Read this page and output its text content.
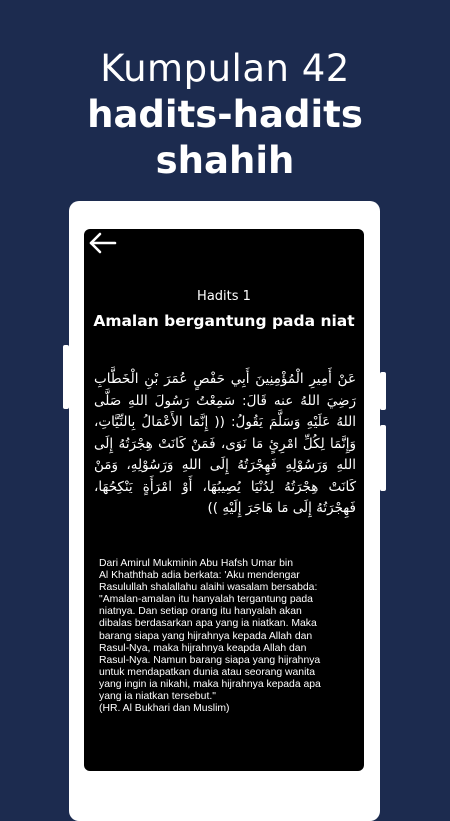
Kumpulan 42
hadits-hadits
shahih
Hadits 1
Amalan bergantung pada niat
عَنْ أَمِيرِ الْمُؤْمِنِينَ أَبِي حَفْصٍ عُمَرَ بْنِ الْخَطَّابِ رَضِيَ اللهُ عنه قَالَ: سَمِعْتُ رَسُولَ اللهِ صَلَّى اللهُ عَلَيْهِ وَسَلَّمَ يَقُولُ: (( إِنَّمَا الأَعْمَالُ بِالنِّيَّاتِ، وَإِنَّمَا لِكُلِّ امْرِئٍ مَا نَوَى، فَمَنْ كَانَتْ هِجْرَتُهُ إِلَى اللهِ وَرَسُوْلِهِ فَهِجْرَتُهُ إِلَى اللهِ وَرَسُوْلِهِ، وَمَنْ كَانَتْ هِجْرَتُهُ لِدُنْيَا يُصِيبُهَا، أَوْ امْرَأَةٍ يَنْكِحُهَا، فَهِجْرَتُهُ إِلَى مَا هَاجَرَ إِلَيْهِ ))
Dari Amirul Mukminin Abu Hafsh Umar bin
Al Khaththab adia berkata: 'Aku mendengar
Rasulullah shalallahu alaihi wasalam bersabda:
"Amalan-amalan itu hanyalah tergantung pada
niatnya. Dan setiap orang itu hanyalah akan
dibalas berdasarkan apa yang ia niatkan. Maka
barang siapa yang hijrahnya kepada Allah dan
Rasul-Nya, maka hijrahnya keapda Allah dan
Rasul-Nya. Namun barang siapa yang hijrahnya
untuk mendapatkan dunia atau seorang wanita
yang ingin ia nikahi, maka hijrahnya kepada apa
yang ia niatkan tersebut."
(HR. Al Bukhari dan Muslim)
